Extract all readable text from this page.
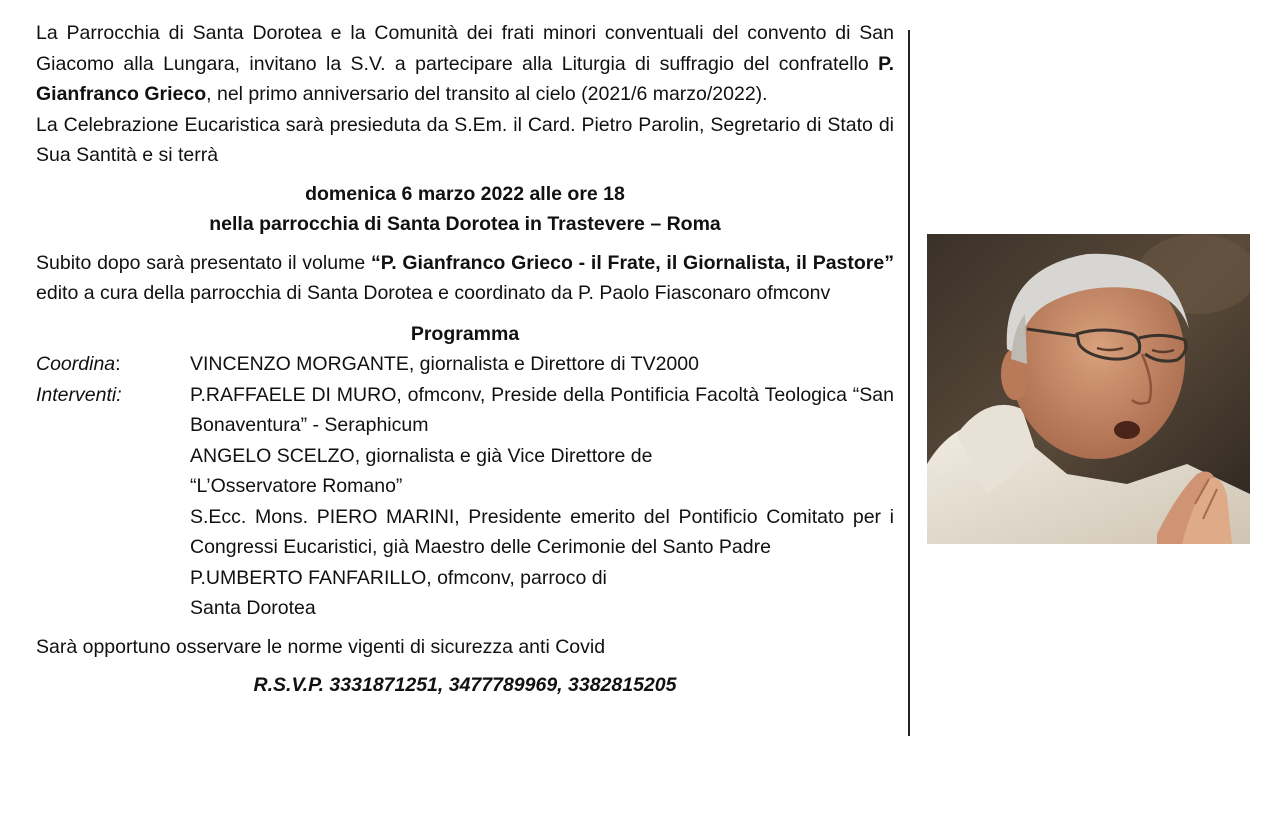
La Parrocchia di Santa Dorotea e la Comunità dei frati minori conventuali del convento di San Giacomo alla Lungara, invitano la S.V. a partecipare alla Liturgia di suffragio del confratello P. Gianfranco Grieco, nel primo anniversario del transito al cielo (2021/6 marzo/2022).

La Celebrazione Eucaristica sarà presieduta da S.Em. il Card. Pietro Parolin, Segretario di Stato di Sua Santità e si terrà

domenica 6 marzo 2022 alle ore 18

nella parrocchia di Santa Dorotea in Trastevere – Roma

Subito dopo sarà presentato il volume “P. Gianfranco Grieco - il Frate, il Giornalista, il Pastore” edito a cura della parrocchia di Santa Dorotea e coordinato da P. Paolo Fiasconaro ofmconv

Programma

Coordina:	VINCENZO MORGANTE, giornalista e Direttore di TV2000
Interventi:	P.RAFFAELE DI MURO, ofmconv, Preside della Pontificia Facoltà Teologica “San Bonaventura” - Seraphicum

ANGELO SCELZO, giornalista e già Vice Direttore de

“L’Osservatore Romano”

S.Ecc. Mons. PIERO MARINI, Presidente emerito del Pontificio Comitato per i Congressi Eucaristici, già Maestro delle Cerimonie del Santo Padre

P.UMBERTO FANFARILLO, ofmconv, parroco di

Santa Dorotea

Sarà opportuno osservare le norme vigenti di sicurezza anti Covid

R.S.V.P. 3331871251, 3477789969, 3382815205
